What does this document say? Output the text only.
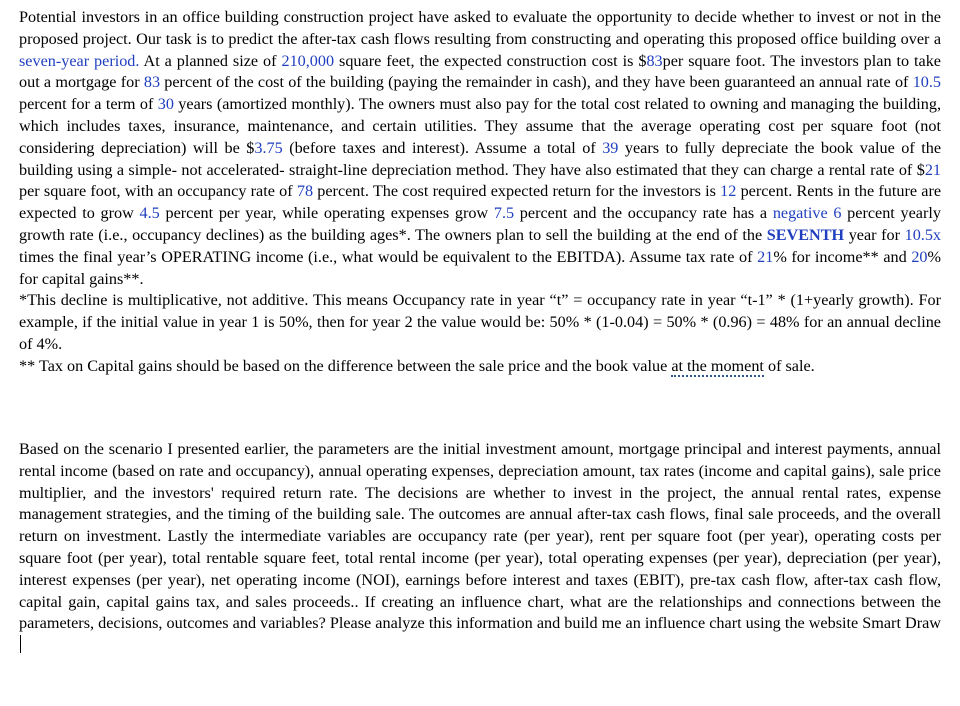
Potential investors in an office building construction project have asked to evaluate the opportunity to decide whether to invest or not in the proposed project. Our task is to predict the after-tax cash flows resulting from constructing and operating this proposed office building over a seven-year period. At a planned size of 210,000 square feet, the expected construction cost is $83per square foot. The investors plan to take out a mortgage for 83 percent of the cost of the building (paying the remainder in cash), and they have been guaranteed an annual rate of 10.5 percent for a term of 30 years (amortized monthly). The owners must also pay for the total cost related to owning and managing the building, which includes taxes, insurance, maintenance, and certain utilities. They assume that the average operating cost per square foot (not considering depreciation) will be $3.75 (before taxes and interest). Assume a total of 39 years to fully depreciate the book value of the building using a simple- not accelerated- straight-line depreciation method. They have also estimated that they can charge a rental rate of $21 per square foot, with an occupancy rate of 78 percent. The cost required expected return for the investors is 12 percent. Rents in the future are expected to grow 4.5 percent per year, while operating expenses grow 7.5 percent and the occupancy rate has a negative 6 percent yearly growth rate (i.e., occupancy declines) as the building ages*. The owners plan to sell the building at the end of the SEVENTH year for 10.5x times the final year’s OPERATING income (i.e., what would be equivalent to the EBITDA). Assume tax rate of 21% for income** and 20% for capital gains**.

*This decline is multiplicative, not additive. This means Occupancy rate in year “t” = occupancy rate in year “t-1” * (1+yearly growth). For example, if the initial value in year 1 is 50%, then for year 2 the value would be: 50% * (1-0.04) = 50% * (0.96) = 48% for an annual decline of 4%.

** Tax on Capital gains should be based on the difference between the sale price and the book value at the moment of sale.

Based on the scenario I presented earlier, the parameters are the initial investment amount, mortgage principal and interest payments, annual rental income (based on rate and occupancy), annual operating expenses, depreciation amount, tax rates (income and capital gains), sale price multiplier, and the investors' required return rate. The decisions are whether to invest in the project, the annual rental rates, expense management strategies, and the timing of the building sale. The outcomes are annual after-tax cash flows, final sale proceeds, and the overall return on investment. Lastly the intermediate variables are occupancy rate (per year), rent per square foot (per year), operating costs per square foot (per year), total rentable square feet, total rental income (per year), total operating expenses (per year), depreciation (per year), interest expenses (per year), net operating income (NOI), earnings before interest and taxes (EBIT), pre-tax cash flow, after-tax cash flow, capital gain, capital gains tax, and sales proceeds.. If creating an influence chart, what are the relationships and connections between the parameters, decisions, outcomes and variables? Please analyze this information and build me an influence chart using the website Smart Draw
